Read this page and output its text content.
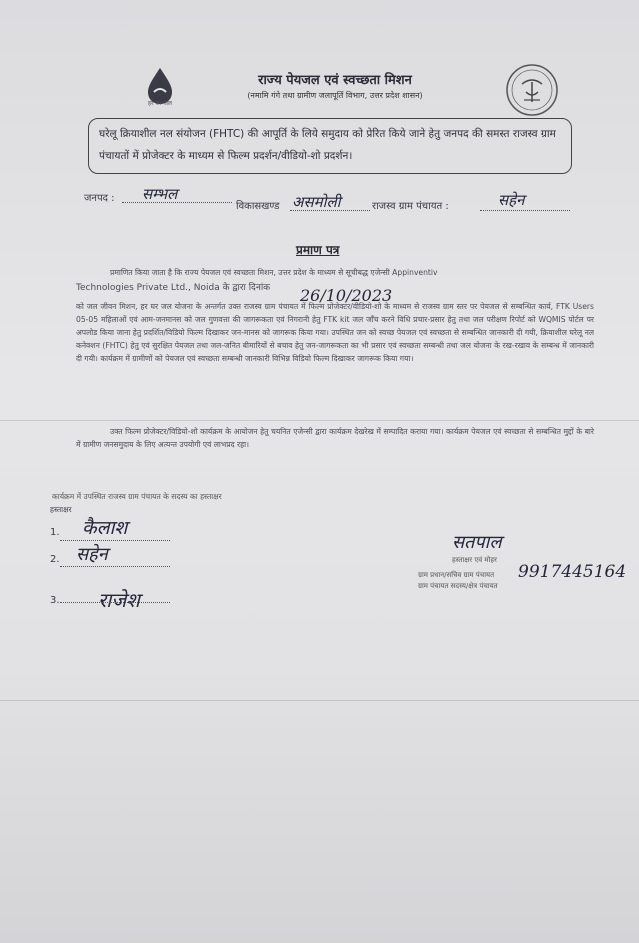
हर घर जल
राज्य पेयजल एवं स्वच्छता मिशन
(नमामि गंगे तथा ग्रामीण जलापूर्ति विभाग, उत्तर प्रदेश शासन)
घरेलू क्रियाशील नल संयोजन (FHTC) की आपूर्ति के लिये समुदाय को प्रेरित किये जाने हेतु जनपद की समस्त राजस्व ग्राम पंचायतों में प्रोजेक्टर के माध्यम से फिल्म प्रदर्शन/वीडियो-शो प्रदर्शन।
जनपद : सम्भल
विकासखण्ड असमोली	राजस्व ग्राम पंचायत :	सहेन
प्रमाण पत्र
प्रमाणित किया जाता है कि राज्य पेयजल एवं स्वच्छता मिशन, उत्तर प्रदेश के माध्यम से सूचीबद्ध एजेन्सी Appinventiv
Technologies Private Ltd., Noida के द्वारा दिनांक	26/10/2023
को जल जीवन मिशन, हर घर जल योजना के अन्तर्गत उक्त राजस्व ग्राम पंचायत में फिल्म प्रोजेक्टर/वीडियो-शो के माध्यम से राजस्व ग्राम स्तर पर पेयजल से सम्बन्धित कार्य, FTK Users 05-05 महिलाओं एवं आम-जनमानस को जल गुणवत्ता की जागरूकता एवं निगरानी हेतु FTK kit जल जाँच करने विधि प्रचार-प्रसार हेतु तथा जल परीक्षण रिपोर्ट को WQMIS पोर्टल पर अपलोड किया जाना हेतु प्रदर्शित/विडियो फिल्म दिखाकर जन-मानस को जागरूक किया गया। उपस्थित जन को स्वच्छ पेयजल एवं स्वच्छता से सम्बन्धित जानकारी दी गयी, क्रियाशील घरेलू नल कनेक्शन (FHTC) हेतु एवं सुरक्षित पेयजल तथा जल-जनित बीमारियों से बचाव हेतु जन-जागरूकता का भी प्रसार एवं स्वच्छता सम्बन्धी तथा जल योजना के रख-रखाव के सम्बन्ध में जानकारी दी गयी। कार्यक्रम में ग्रामीणों को पेयजल एवं स्वच्छता सम्बन्धी जानकारी विभिन्न विडियो फिल्म दिखाकर जागरूक किया गया।
उक्त फिल्म प्रोजेक्टर/विडियो-शो कार्यक्रम के आयोजन हेतु चयनित एजेन्सी द्वारा कार्यक्रम देखरेख में सम्पादित कराया गया। कार्यक्रम पेयजल एवं स्वच्छता से सम्बन्धित मुद्दों के बारे में ग्रामीण जनसमुदाय के लिए अत्यन्त उपयोगी एवं लाभप्रद रहा।
कार्यक्रम में उपस्थित राजस्व ग्राम पंचायत के सदस्य का हस्ताक्षर
हस्ताक्षर
1. कैलाश
2. सहेन
3. राजेश
सतपाल
9917445164
हस्ताक्षर एवं मोहर
ग्राम प्रधान/सचिव ग्राम पंचायत
ग्राम पंचायत सदस्य/क्षेत्र पंचायत
